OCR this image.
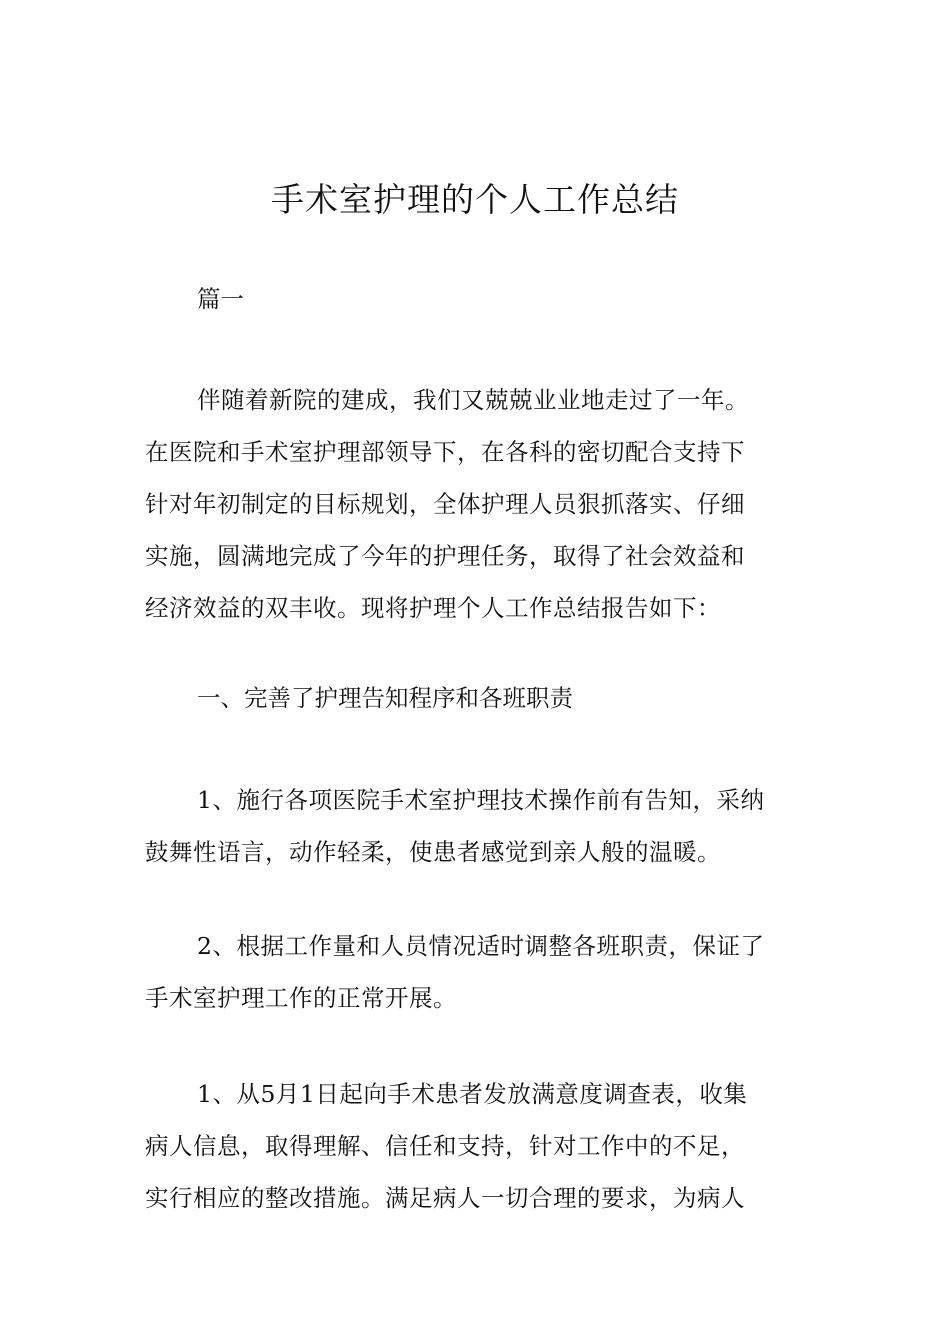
手术室护理的个人工作总结
篇一
伴随着新院的建成，我们又兢兢业业地走过了一年。
在医院和手术室护理部领导下，在各科的密切配合支持下
针对年初制定的目标规划，全体护理人员狠抓落实、仔细
实施，圆满地完成了今年的护理任务，取得了社会效益和
经济效益的双丰收。现将护理个人工作总结报告如下：
一、完善了护理告知程序和各班职责
1、施行各项医院手术室护理技术操作前有告知，采纳
鼓舞性语言，动作轻柔，使患者感觉到亲人般的温暖。
2、根据工作量和人员情况适时调整各班职责，保证了
手术室护理工作的正常开展。
1、从5月1日起向手术患者发放满意度调查表，收集
病人信息，取得理解、信任和支持，针对工作中的不足，
实行相应的整改措施。满足病人一切合理的要求，为病人
